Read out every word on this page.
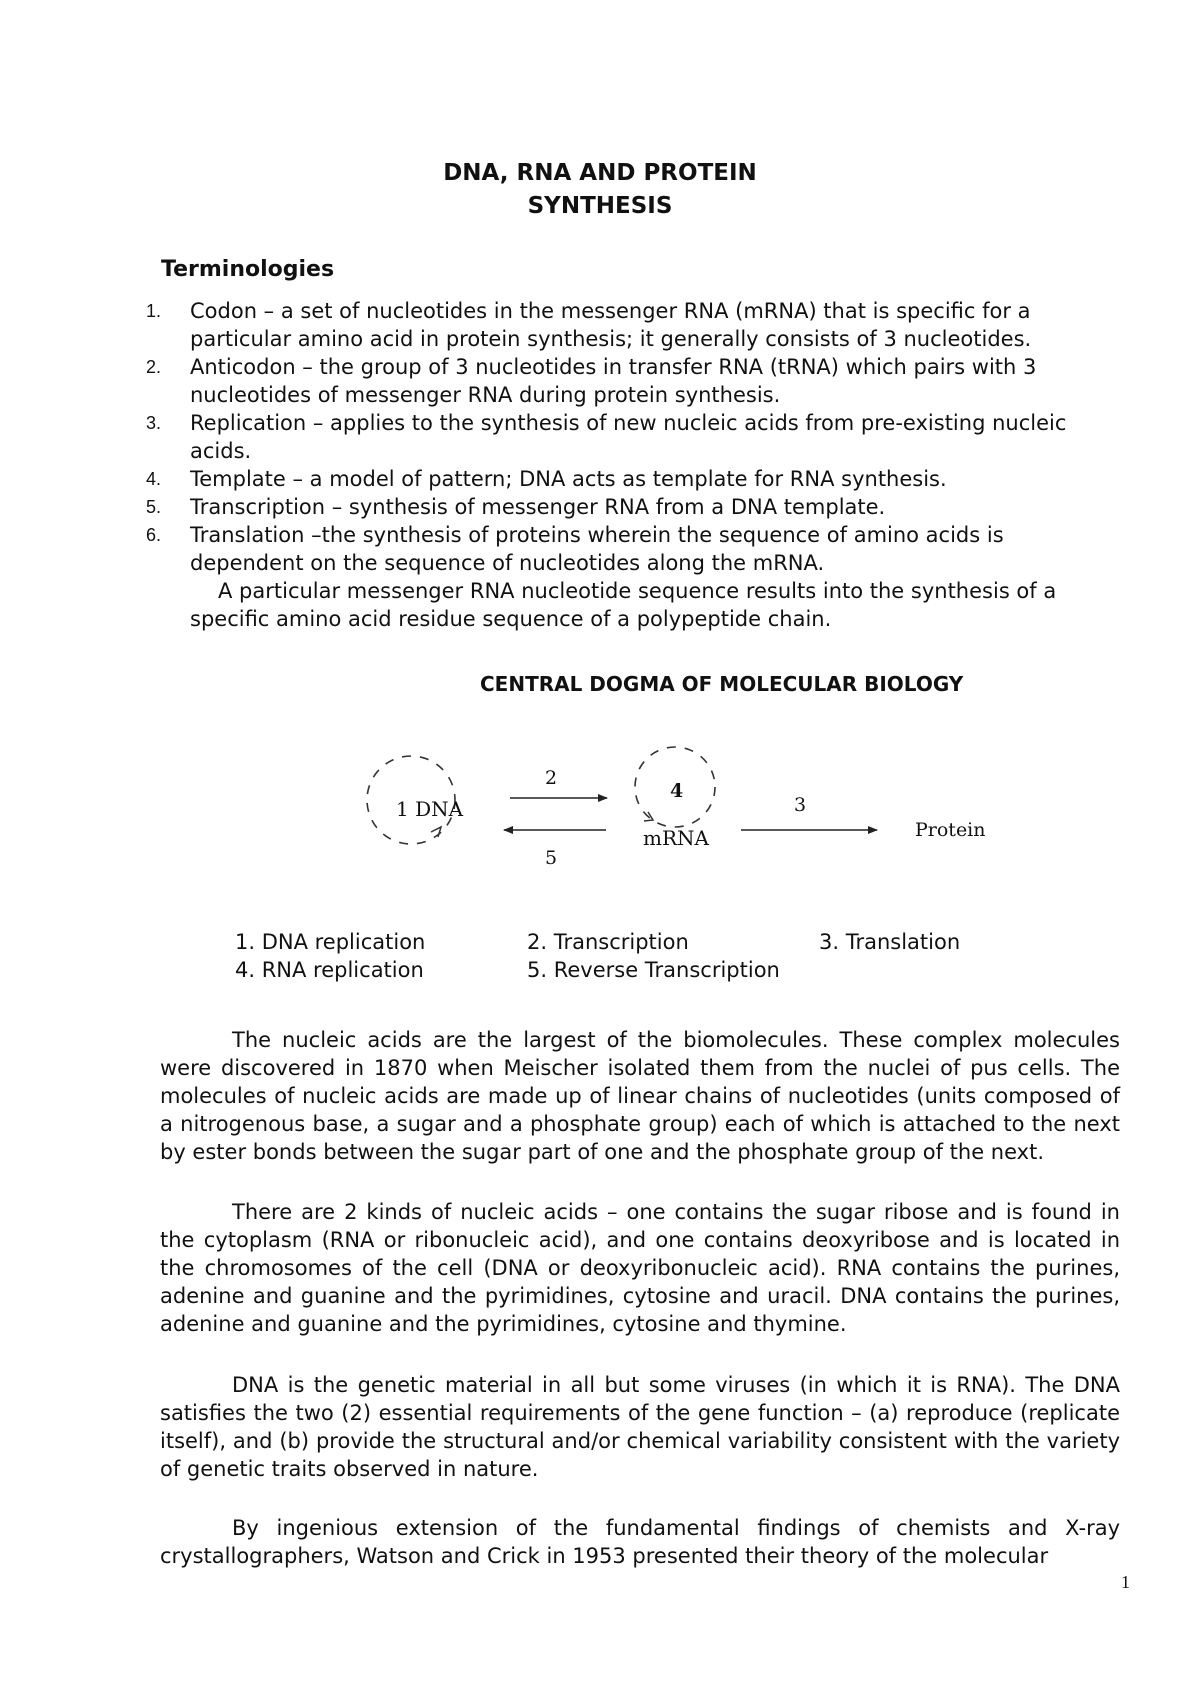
DNA, RNA AND PROTEIN
SYNTHESIS
Terminologies
1.	Codon – a set of nucleotides in the messenger RNA (mRNA) that is specific for a particular amino acid in protein synthesis; it generally consists of 3 nucleotides.
2.	Anticodon – the group of 3 nucleotides in transfer RNA (tRNA) which pairs with 3 nucleotides of messenger RNA during protein synthesis.
3.	Replication – applies to the synthesis of new nucleic acids from pre-existing nucleic acids.
4.	Template – a model of pattern; DNA acts as template for RNA synthesis.
5.	Transcription – synthesis of messenger RNA from a DNA template.
6.	Translation –the synthesis of proteins wherein the sequence of amino acids is dependent on the sequence of nucleotides along the mRNA.
A particular messenger RNA nucleotide sequence results into the synthesis of a specific amino acid residue sequence of a polypeptide chain.
CENTRAL DOGMA OF MOLECULAR BIOLOGY
1 DNA
4
mRNA
2
5
3
Protein
1. DNA replication	2. Transcription	3. Translation
4. RNA replication	5. Reverse Transcription

The nucleic acids are the largest of the biomolecules. These complex molecules were discovered in 1870 when Meischer isolated them from the nuclei of pus cells. The molecules of nucleic acids are made up of linear chains of nucleotides (units composed of a nitrogenous base, a sugar and a phosphate group) each of which is attached to the next by ester bonds between the sugar part of one and the phosphate group of the next.

There are 2 kinds of nucleic acids – one contains the sugar ribose and is found in the cytoplasm (RNA or ribonucleic acid), and one contains deoxyribose and is located in the chromosomes of the cell (DNA or deoxyribonucleic acid). RNA contains the purines, adenine and guanine and the pyrimidines, cytosine and uracil. DNA contains the purines, adenine and guanine and the pyrimidines, cytosine and thymine.

DNA is the genetic material in all but some viruses (in which it is RNA). The DNA satisfies the two (2) essential requirements of the gene function – (a) reproduce (replicate itself), and (b) provide the structural and/or chemical variability consistent with the variety of genetic traits observed in nature.

By ingenious extension of the fundamental findings of chemists and X-ray crystallographers, Watson and Crick in 1953 presented their theory of the molecular

1
